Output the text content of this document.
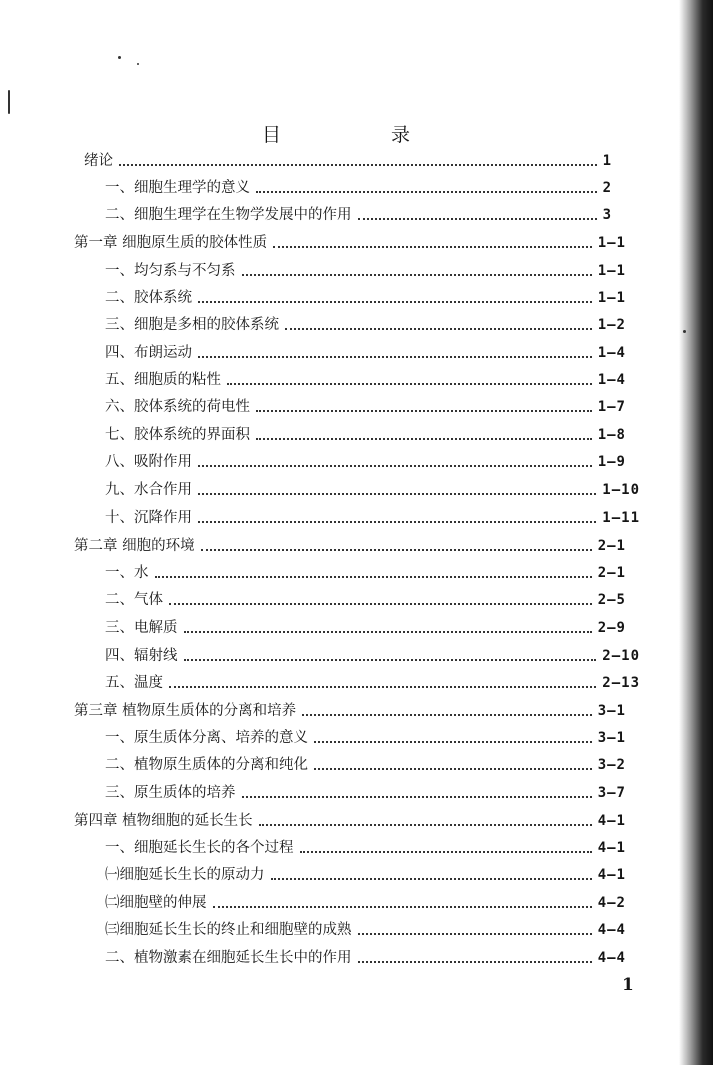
目	录
绪论	1
一、细胞生理学的意义	2
二、细胞生理学在生物学发展中的作用	3
第一章 细胞原生质的胶体性质	1—1
一、均匀系与不匀系	1—1
二、胶体系统	1—1
三、细胞是多相的胶体系统	1—2
四、布朗运动	1—4
五、细胞质的粘性	1—4
六、胶体系统的荷电性	1—7
七、胶体系统的界面积	1—8
八、吸附作用	1—9
九、水合作用	1—10
十、沉降作用	1—11
第二章 细胞的环境	2—1
一、水	2—1
二、气体	2—5
三、电解质	2—9
四、辐射线	2—10
五、温度	2—13
第三章 植物原生质体的分离和培养	3—1
一、原生质体分离、培养的意义	3—1
二、植物原生质体的分离和纯化	3—2
三、原生质体的培养	3—7
第四章 植物细胞的延长生长	4—1
一、细胞延长生长的各个过程	4—1
㈠细胞延长生长的原动力	4—1
㈡细胞壁的伸展	4—2
㈢细胞延长生长的终止和细胞壁的成熟	4—4
二、植物激素在细胞延长生长中的作用	4—4
1
